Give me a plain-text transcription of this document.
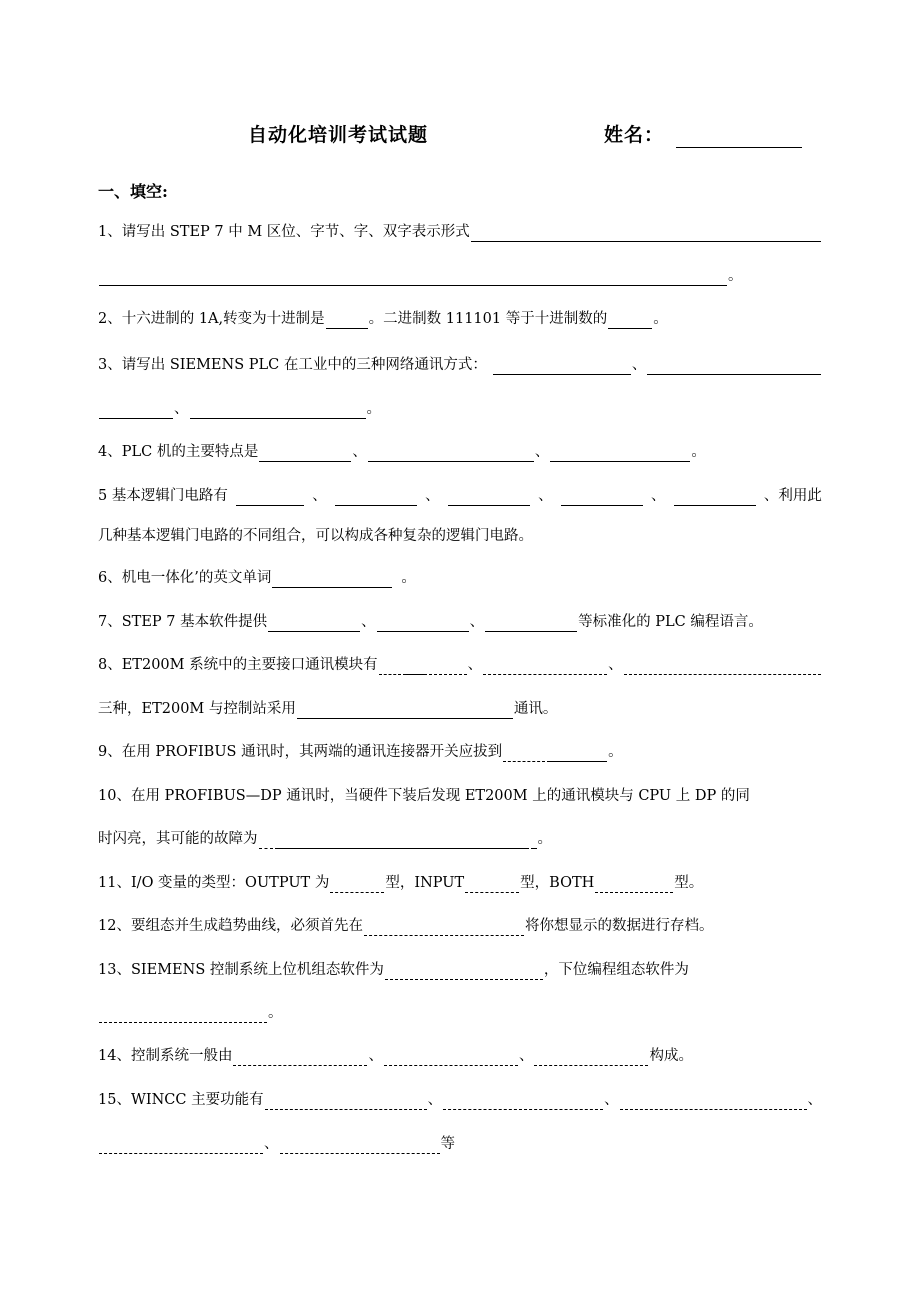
自动化培训考试试题	姓名：
一、填空:
1、请写出 STEP 7 中 M 区位、字节、字、双字表示形式
。
2、十六进制的 1A,转变为十进制是	。二进制数 111101 等于十进制数的	。
3、请写出 SIEMENS PLC 在工业中的三种网络通讯方式：	、
、	。
4、PLC 机的主要特点是	、	、	。
5 基本逻辑门电路有	、	、	、	、	、利用此
几种基本逻辑门电路的不同组合，可以构成各种复杂的逻辑门电路。
6、机电一体化’的英文单词	。
7、STEP 7 基本软件提供	、	、	等标准化的 PLC 编程语言。
8、ET200M 系统中的主要接口通讯模块有	、	、
三种，ET200M 与控制站采用	通讯。
9、在用 PROFIBUS 通讯时，其两端的通讯连接器开关应拔到	。
10、在用 PROFIBUS—DP 通讯时，当硬件下装后发现 ET200M 上的通讯模块与 CPU 上 DP 的同
时闪亮，其可能的故障为	。
11、I/O 变量的类型：OUTPUT 为	型， INPUT	型， BOTH	型。
12、要组态并生成趋势曲线，必须首先在	将你想显示的数据进行存档。
13、SIEMENS 控制系统上位机组态软件为	，下位编程组态软件为
。
14、控制系统一般由	、	、	构成。
15、WINCC 主要功能有	、	、	、
、	等
